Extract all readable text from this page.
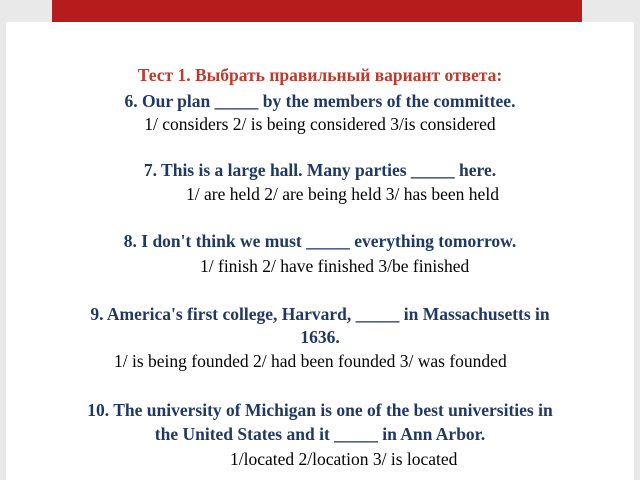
Тест 1. Выбрать правильный вариант ответа:

6. Our plan _____ by the members of the committee.

1/ considers 2/ is being considered 3/is considered

7. This is a large hall. Many parties _____ here.

1/ are held 2/ are being held 3/ has been held

8. I don't think we must _____ everything tomorrow.

1/ finish 2/ have finished 3/be finished

9. America's first college, Harvard, _____ in Massachusetts in

1636.

1/ is being founded 2/ had been founded 3/ was founded

10. The university of Michigan is one of the best universities in

the United States and it _____ in Ann Arbor.

1/located 2/location 3/ is located
